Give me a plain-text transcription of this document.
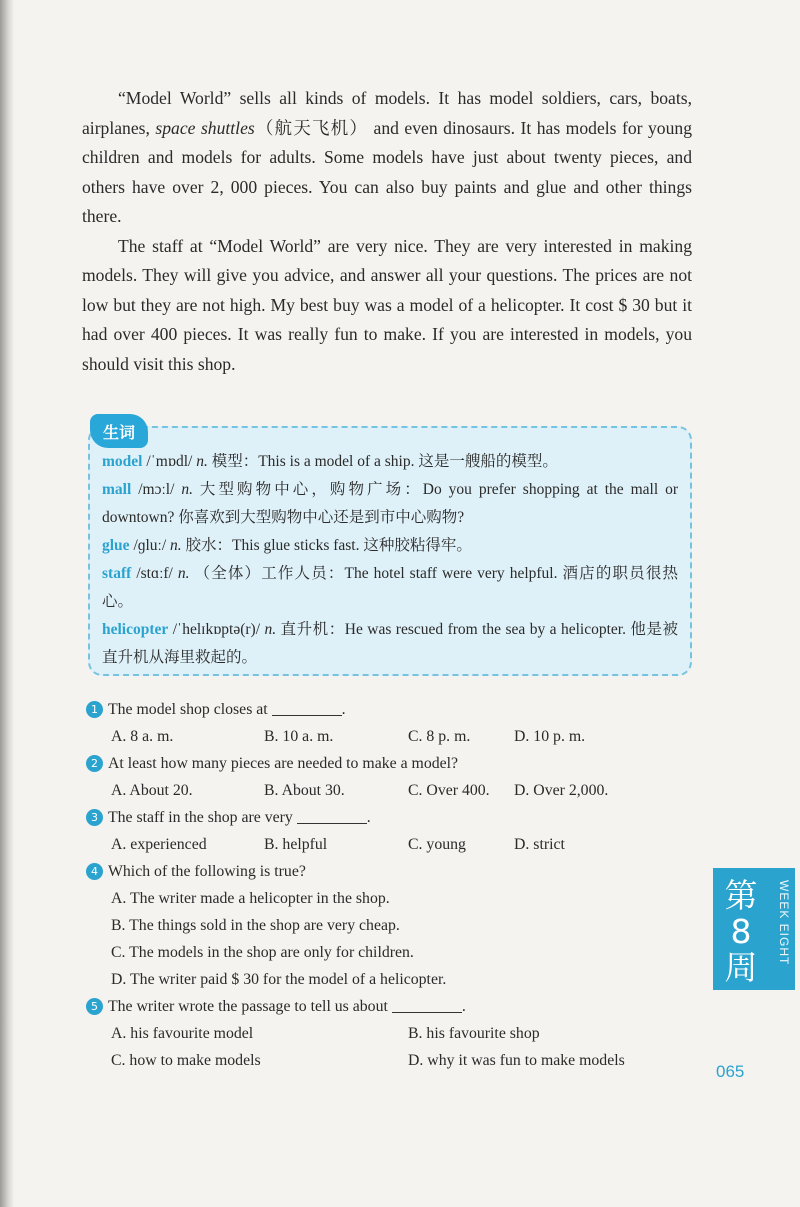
“Model World” sells all kinds of models. It has model soldiers, cars, boats, airplanes, space shuttles（航天飞机） and even dinosaurs. It has models for young children and models for adults. Some models have just about twenty pieces, and others have over 2, 000 pieces. You can also buy paints and glue and other things there.

The staff at “Model World” are very nice. They are very interested in making models. They will give you advice, and answer all your questions. The prices are not low but they are not high. My best buy was a model of a helicopter. It cost $ 30 but it had over 400 pieces. It was really fun to make. If you are interested in models, you should visit this shop.

生词

model /ˈmɒdl/ n. 模型：This is a model of a ship. 这是一艘船的模型。

mall /mɔːl/ n. 大型购物中心，购物广场：Do you prefer shopping at the mall or downtown? 你喜欢到大型购物中心还是到市中心购物?

glue /ɡluː/ n. 胶水：This glue sticks fast. 这种胶粘得牢。

staff /stɑːf/ n. （全体）工作人员：The hotel staff were very helpful. 酒店的职员很热心。

helicopter /ˈhelɪkɒptə(r)/ n. 直升机：He was rescued from the sea by a helicopter. 他是被直升机从海里救起的。

1 The model shop closes at	.
A. 8 a. m.	B. 10 a. m.	C. 8 p. m.	D. 10 p. m.
2 At least how many pieces are needed to make a model?
A. About 20.	B. About 30.	C. Over 400. D. Over 2,000.
3 The staff in the shop are very	.
A. experienced	B. helpful	C. young	D. strict
4 Which of the following is true?
A. The writer made a helicopter in the shop.
B. The things sold in the shop are very cheap.
C. The models in the shop are only for children.
D. The writer paid $ 30 for the model of a helicopter.
5 The writer wrote the passage to tell us about	.
A. his favourite model	B. his favourite shop
C. how to make models	D. why it was fun to make models
第8周
WEEK EIGHT
065
